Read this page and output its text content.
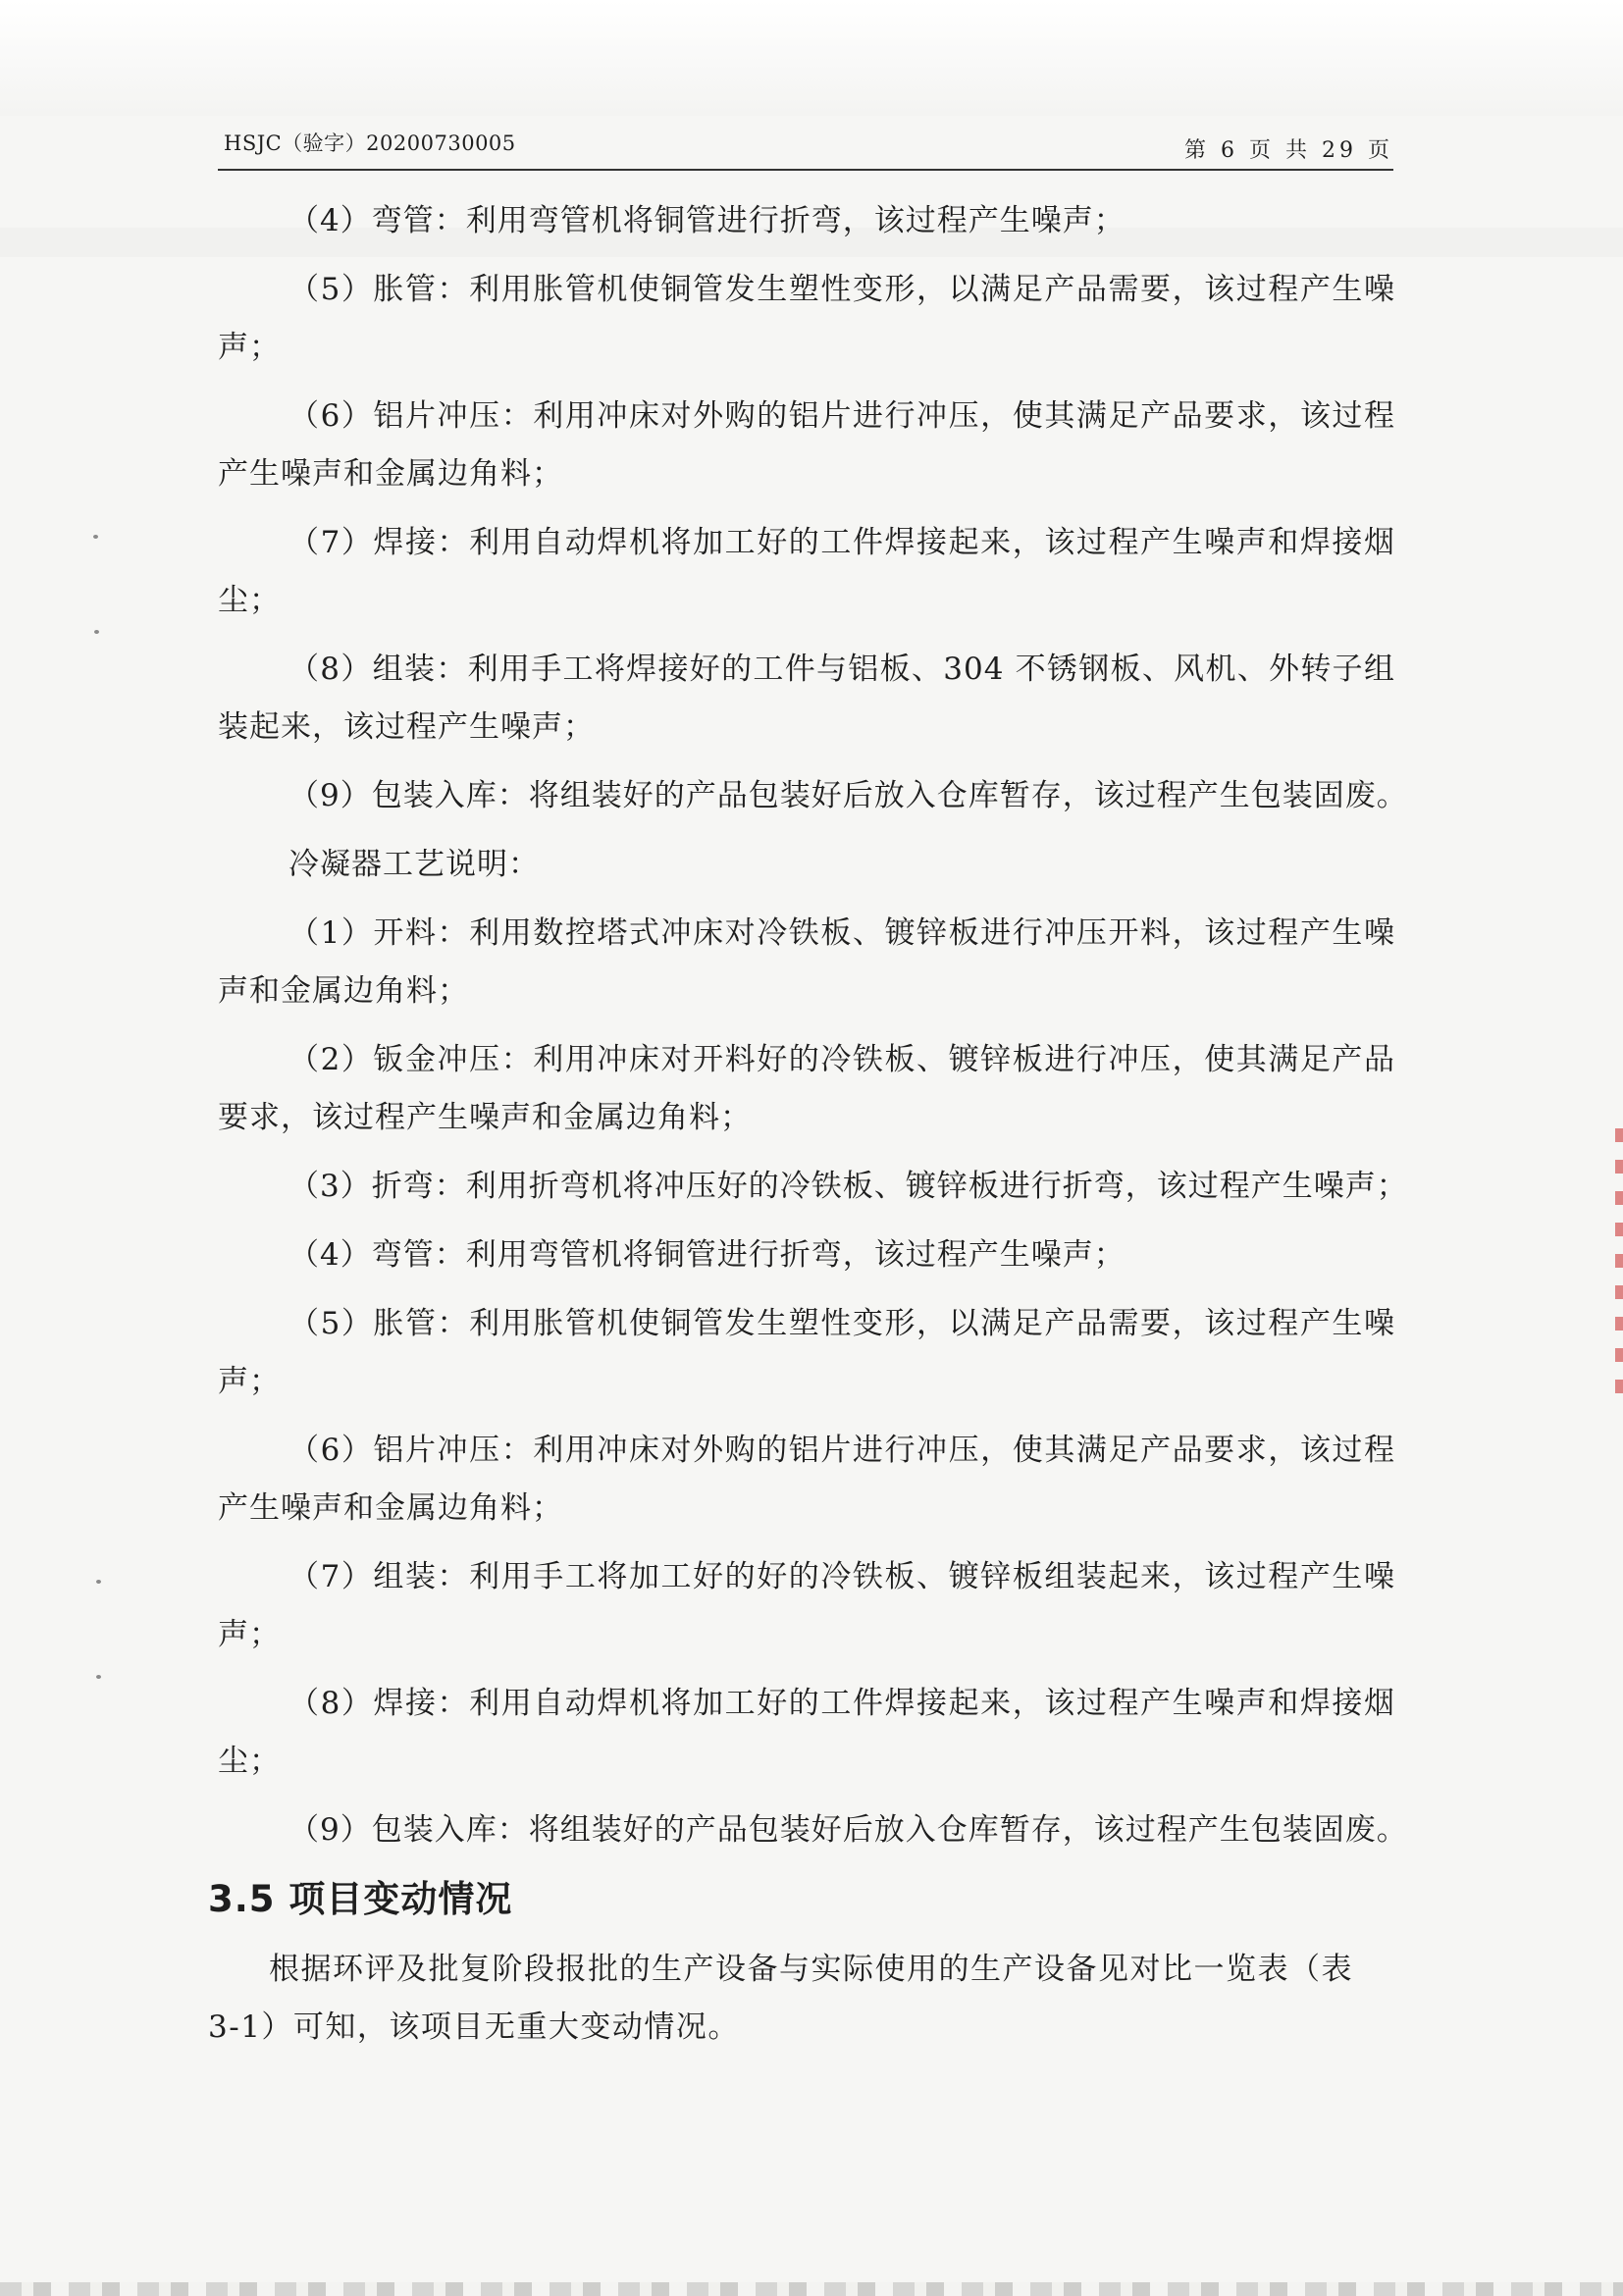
HSJC（验字）20200730005	第 6 页 共 29 页

（4）弯管：利用弯管机将铜管进行折弯，该过程产生噪声；

（5）胀管：利用胀管机使铜管发生塑性变形，以满足产品需要，该过程产生噪声；

（6）铝片冲压：利用冲床对外购的铝片进行冲压，使其满足产品要求，该过程产生噪声和金属边角料；

（7）焊接：利用自动焊机将加工好的工件焊接起来，该过程产生噪声和焊接烟尘；

（8）组装：利用手工将焊接好的工件与铝板、304 不锈钢板、风机、外转子组装起来，该过程产生噪声；

（9）包装入库：将组装好的产品包装好后放入仓库暂存，该过程产生包装固废。

冷凝器工艺说明：

（1）开料：利用数控塔式冲床对冷铁板、镀锌板进行冲压开料，该过程产生噪声和金属边角料；

（2）钣金冲压：利用冲床对开料好的冷铁板、镀锌板进行冲压，使其满足产品要求，该过程产生噪声和金属边角料；

（3）折弯：利用折弯机将冲压好的冷铁板、镀锌板进行折弯，该过程产生噪声；

（4）弯管：利用弯管机将铜管进行折弯，该过程产生噪声；

（5）胀管：利用胀管机使铜管发生塑性变形，以满足产品需要，该过程产生噪声；

（6）铝片冲压：利用冲床对外购的铝片进行冲压，使其满足产品要求，该过程产生噪声和金属边角料；

（7）组装：利用手工将加工好的好的冷铁板、镀锌板组装起来，该过程产生噪声；

（8）焊接：利用自动焊机将加工好的工件焊接起来，该过程产生噪声和焊接烟尘；

（9）包装入库：将组装好的产品包装好后放入仓库暂存，该过程产生包装固废。

3.5 项目变动情况

根据环评及批复阶段报批的生产设备与实际使用的生产设备见对比一览表（表 3-1）可知，该项目无重大变动情况。
